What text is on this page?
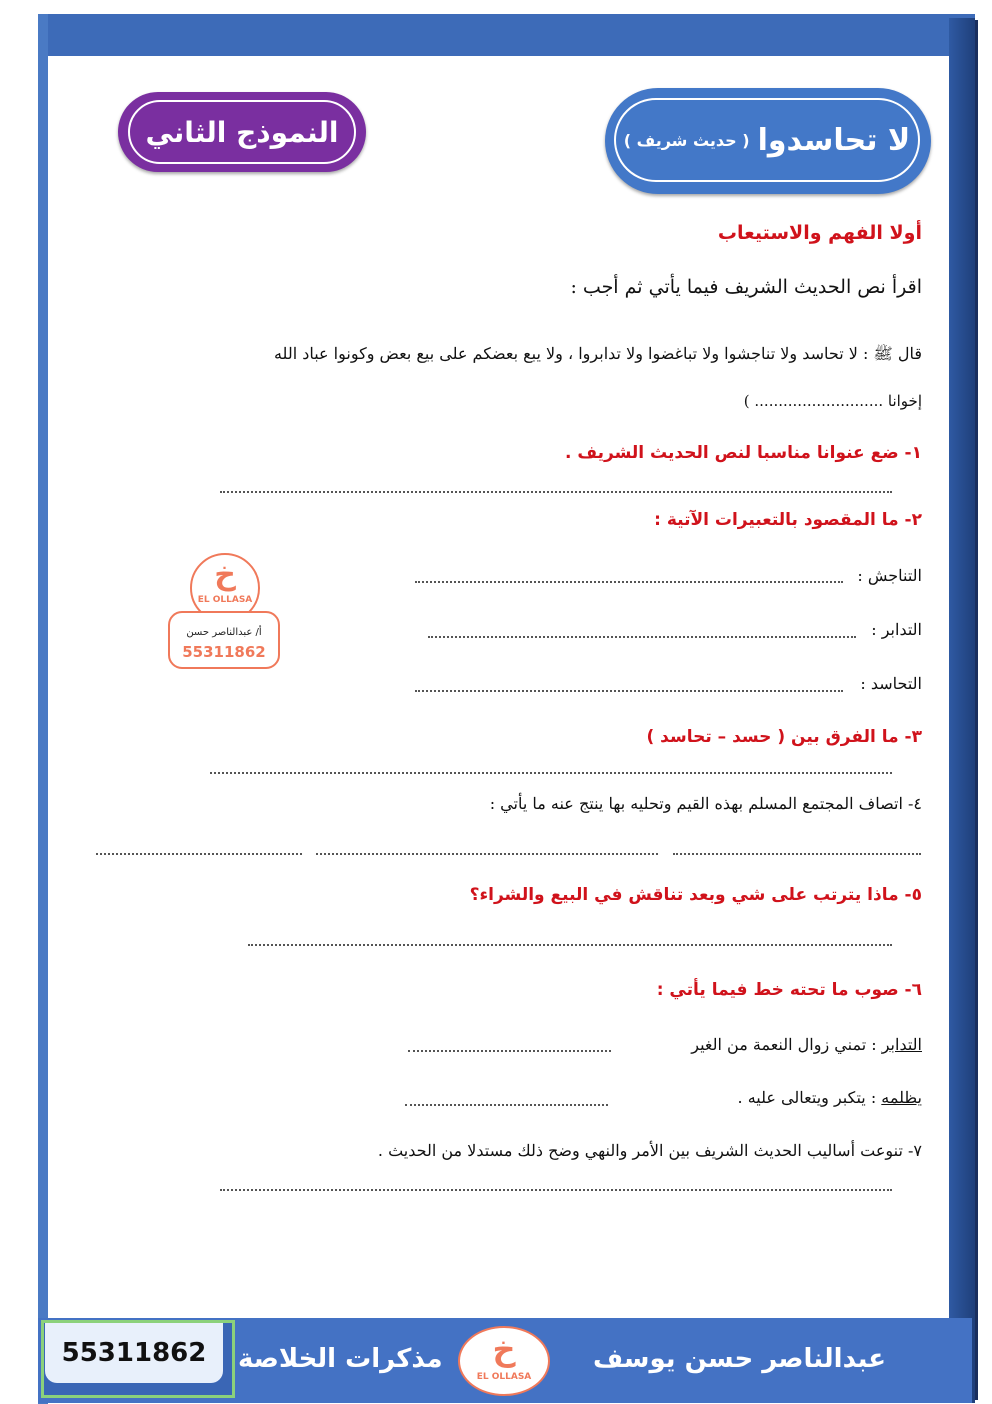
لا تحاسدوا
( حديث شريف )
النموذج الثاني
أولا الفهم والاستيعاب
اقرأ نص الحديث الشريف فيما يأتي ثم أجب :
قال ﷺ : لا تحاسد ولا تناجشوا ولا تباغضوا ولا تدابروا ، ولا يبع بعضكم على بيع بعض وكونوا عباد الله
إخوانا ........................... )
١- ضع عنوانا مناسبا لنص الحديث الشريف .
٢- ما المقصود بالتعبيرات الآتية :
التناجش :
التدابر :
التحاسد :
خ
EL OLLASA
أ/ عبدالناصر حسن
55311862
٣- ما الفرق بين ( حسد – تحاسد )
٤- اتصاف المجتمع المسلم بهذه القيم وتحليه بها ينتج عنه ما يأتي :
٥- ماذا يترتب على شي وبعد تناقش في البيع والشراء؟
٦- صوب ما تحته خط فيما يأتي :
التدابر : تمني زوال النعمة من الغير
يظلمه : يتكبر ويتعالى عليه .
٧- تنوعت أساليب الحديث الشريف بين الأمر والنهي وضح ذلك مستدلا من الحديث .
55311862	مذكرات الخلاصة	خ
EL OLLASA
عبدالناصر حسن يوسف
